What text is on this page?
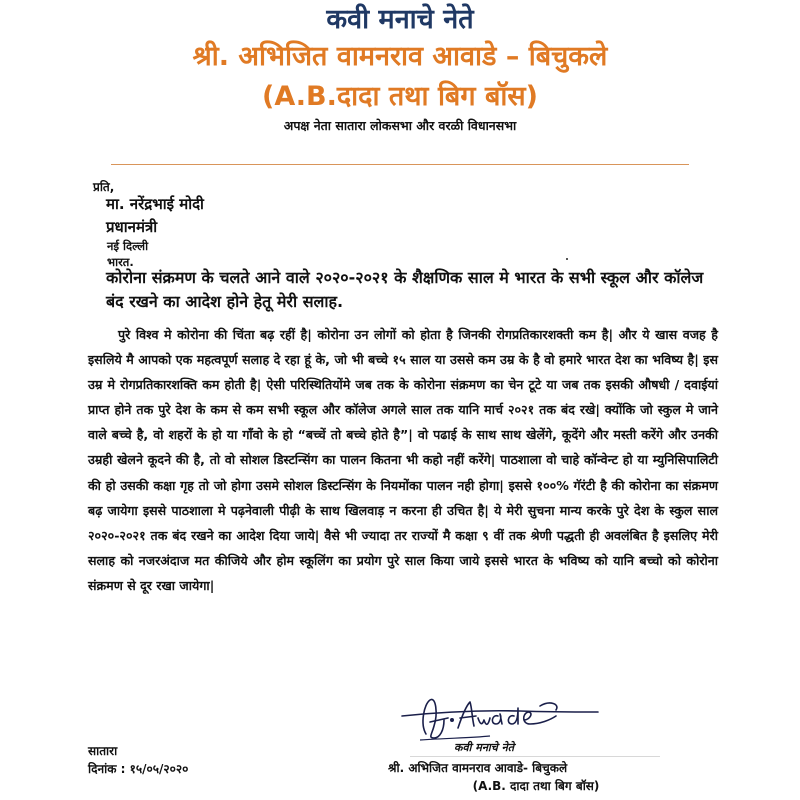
कवी मनाचे नेते
श्री. अभिजित वामनराव आवाडे – बिचुकले
(A.B.दादा तथा बिग बॉस)
अपक्ष नेता सातारा लोकसभा और वरळी विधानसभा
प्रति,
मा. नरेंद्रभाई मोदी
प्रधानमंत्री
नई दिल्ली
भारत.
कोरोना संक्रमण के चलते आने वाले २०२०-२०२१ के शैक्षणिक साल मे भारत के सभी स्कूल और कॉलेज बंद रखने का आदेश होने हेतू मेरी सलाह.

पुरे विश्व मे कोरोना की चिंता बढ़ रहीं है| कोरोना उन लोगों को होता है जिनकी रोगप्रतिकारशक्ती कम है| और ये खास वजह है इसलिये मै आपको एक महत्वपूर्ण सलाह दे रहा हूं के, जो भी बच्चे १५ साल या उससे कम उम्र के है वो हमारे भारत देश का भविष्य है| इस उम्र मे रोगप्रतिकारशक्ति कम होती है| ऐसी परिस्थितियोंमे जब तक के कोरोना संक्रमण का चेन टूटे या जब तक इसकी औषधी / दवाईयां प्राप्त होने तक पुरे देश के कम से कम सभी स्कूल और कॉलेज अगले साल तक यानि मार्च २०२१ तक बंद रखे| क्योंकि जो स्कुल मे जाने वाले बच्चे है, वो शहरों के हो या गाँवो के हो “बच्चें तो बच्चे होते है”| वो पढाई के साथ साथ खेलेंगे, कूदेंगे और मस्ती करेंगे और उनकी उम्रही खेलने कूदने की है, तो वो सोशल डिस्टन्सिंग का पालन कितना भी कहो नहीं करेंगे| पाठशाला वो चाहे कॉन्वेन्ट हो या म्युनिसिपालिटी की हो उसकी कक्षा गृह तो जो होगा उसमे सोशल डिस्टन्सिंग के नियमोंका पालन नही होगा| इससे १००% गॅरंटी है की कोरोना का संक्रमण बढ़ जायेगा इससे पाठशाला मे पढ़नेवाली पीढ़ी के साथ खिलवाड़ न करना ही उचित है| ये मेरी सुचना मान्य करके पुरे देश के स्कुल साल २०२०-२०२१ तक बंद रखने का आदेश दिया जाये| वैसे भी ज्यादा तर राज्यों मै कक्षा ९ वीं तक श्रेणी पद्धती ही अवलंबित है इसलिए मेरी सलाह को नजरअंदाज मत कीजिये और होम स्कूलिंग का प्रयोग पुरे साल किया जाये इससे भारत के भविष्य को यानि बच्चो को कोरोना संक्रमण से दूर रखा जायेगा|

सातारा
दिनांक : १५/०५/२०२०
कवी मनाचे नेते
श्री. अभिजित वामनराव आवाडे- बिचुकले
(A.B. दादा तथा बिग बॉस)
